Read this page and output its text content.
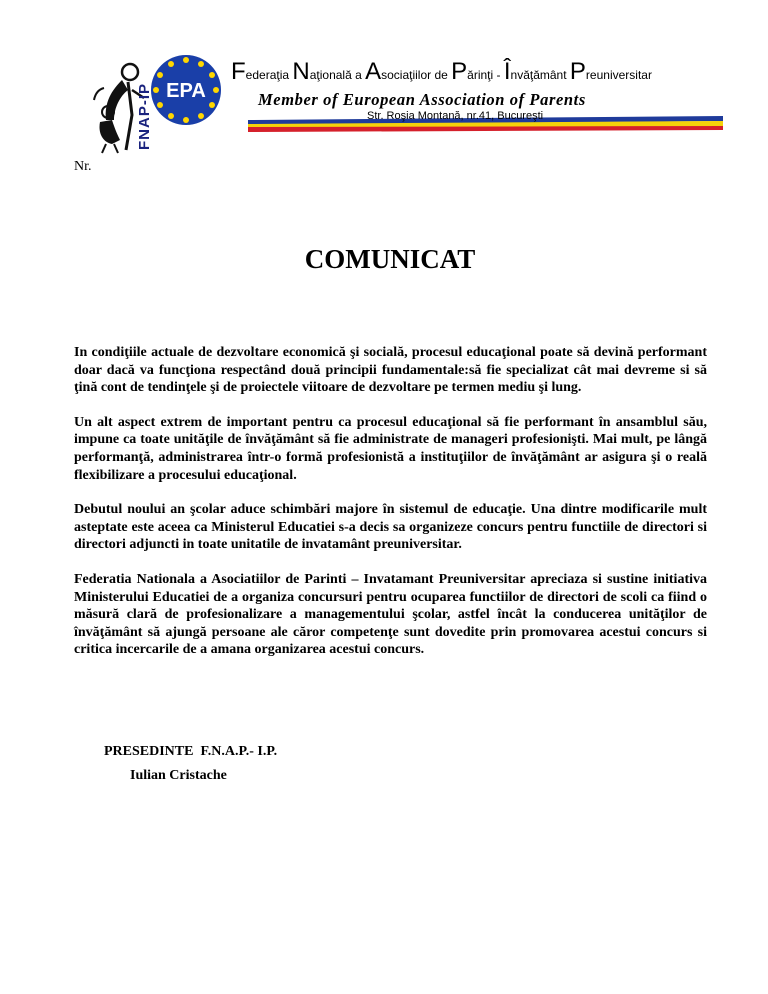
FNAP-IP EPA
Federaţia Naţională a Asociaţiilor de Părinţi - Învăţământ Preuniversitar
Member of European Association of Parents
Str. Roşia Montană, nr.41, Bucureşti
Nr.
COMUNICAT

In condiţiile actuale de dezvoltare economică şi socială, procesul educaţional poate să devină performant doar dacă va funcţiona respectând două principii fundamentale:să fie specializat cât mai devreme si să ţină cont de tendinţele şi de proiectele viitoare de dezvoltare pe termen mediu şi lung.

Un alt aspect extrem de important pentru ca procesul educaţional să fie performant în ansamblul său, impune ca toate unităţile de învăţământ să fie administrate de manageri profesionişti. Mai mult, pe lângă performanţă, administrarea într-o formă profesionistă a instituţiilor de învăţământ ar asigura şi o reală flexibilizare a procesului educaţional.

Debutul noului an şcolar aduce schimbări majore în sistemul de educaţie. Una dintre modificarile mult asteptate este aceea ca Ministerul Educatiei s-a decis sa organizeze concurs pentru functiile de directori si directori adjuncti in toate unitatile de invatamânt preuniversitar.

Federatia Nationala a Asociatiilor de Parinti – Invatamant Preuniversitar apreciaza si sustine initiativa Ministerului Educatiei de a organiza concursuri pentru ocuparea functiilor de directori de scoli ca fiind o măsură clară de profesionalizare a managementului şcolar, astfel încât la conducerea unităţilor de învăţământ să ajungă persoane ale căror competenţe sunt dovedite prin promovarea acestui concurs si critica incercarile de a amana organizarea acestui concurs.

PRESEDINTE  F.N.A.P.- I.P.
Iulian Cristache
